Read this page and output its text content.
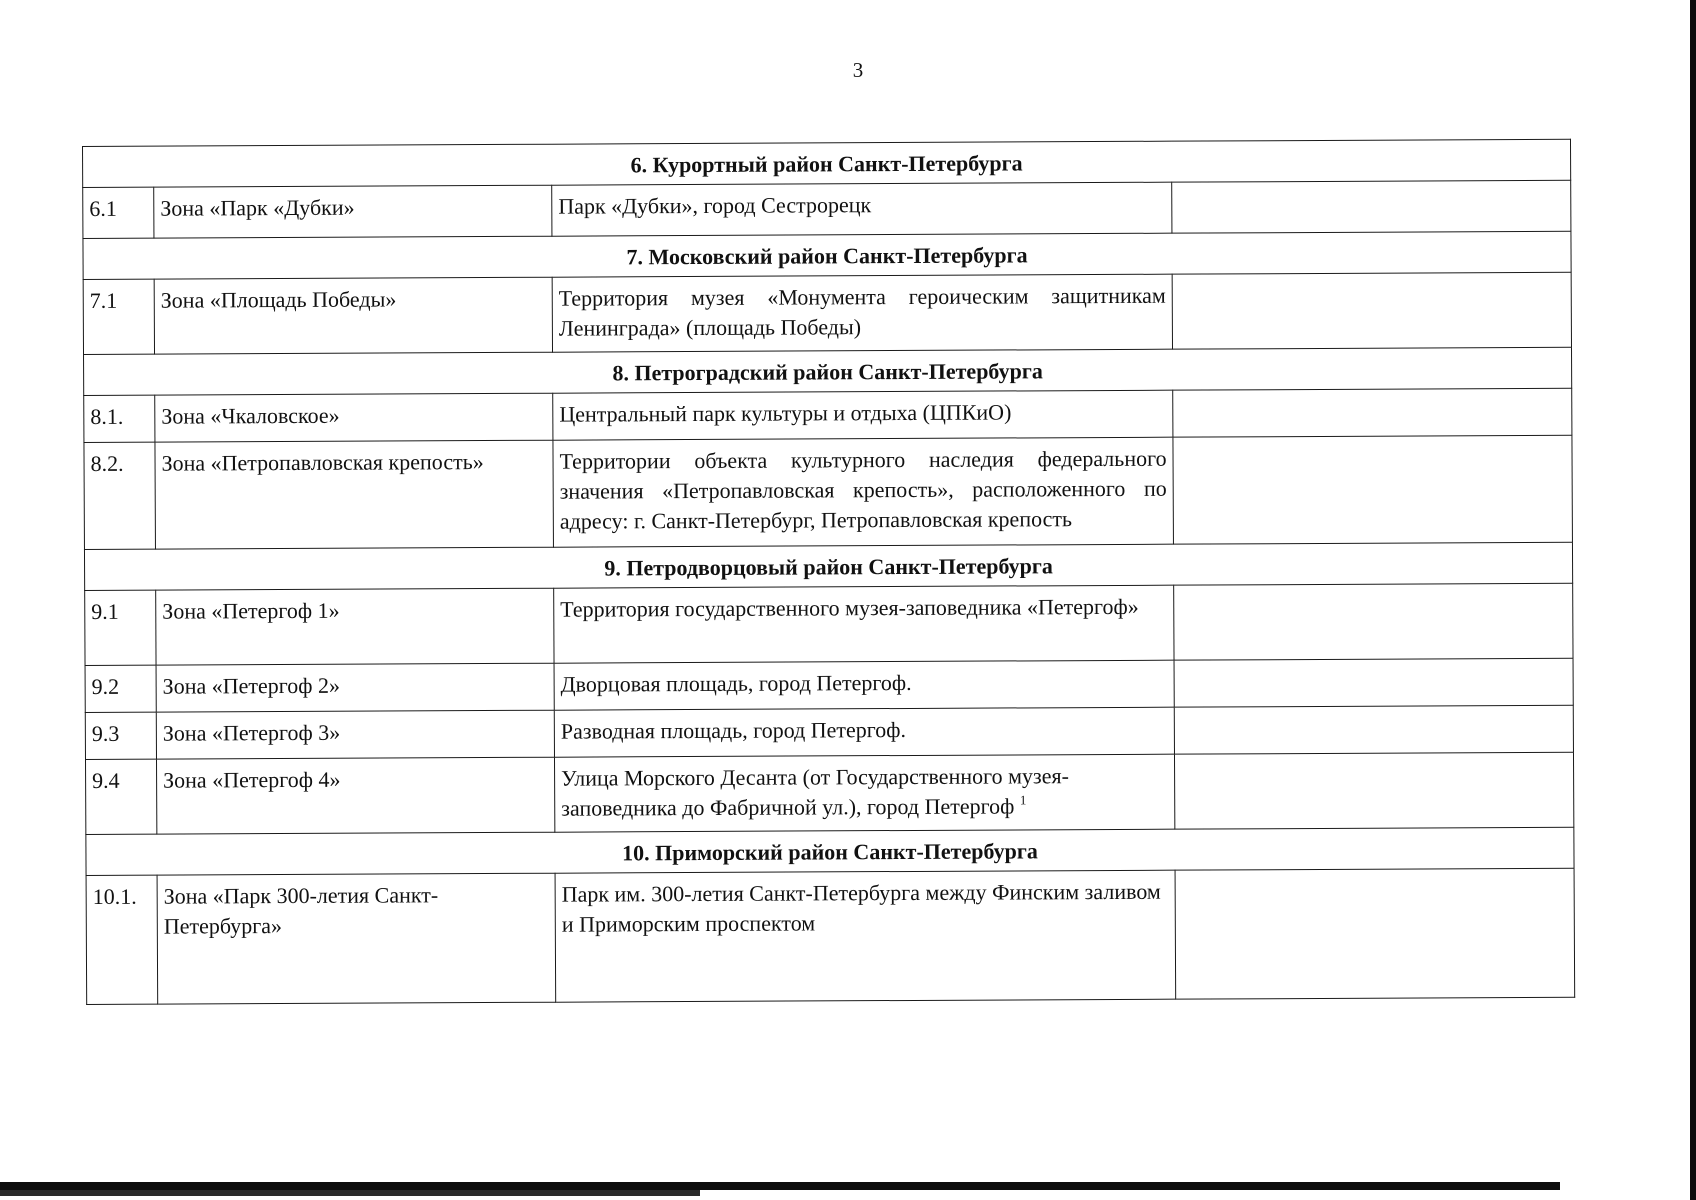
3
6. Курортный район Санкт-Петербурга			
6.1	Зона «Парк «Дубки»	Парк «Дубки», город Сестрорецк	
7. Московский район Санкт-Петербурга			
7.1	Зона «Площадь Победы»	Территория музея «Монумента героическим защитникам Ленинграда» (площадь Победы)	
8. Петроградский район Санкт-Петербурга			
8.1.	Зона «Чкаловское»	Центральный парк культуры и отдыха (ЦПКиО)	
8.2.	Зона «Петропавловская крепость»	Территории объекта культурного наследия федерального значения «Петропавловская крепость», расположенного по адресу: г. Санкт-Петербург, Петропавловская крепость	
9. Петродворцовый район Санкт-Петербурга			
9.1	Зона «Петергоф 1»	Территория государственного музея-заповедника «Петергоф»	
9.2	Зона «Петергоф 2»	Дворцовая площадь, город Петергоф.	
9.3	Зона «Петергоф 3»	Разводная площадь, город Петергоф.	
9.4	Зона «Петергоф 4»	Улица Морского Десанта (от Государственного музея-заповедника до Фабричной ул.), город Петергоф $^1$	
10. Приморский район Санкт-Петербурга			
10.1.	Зона «Парк 300-летия Санкт-Петербурга»	Парк им. 300-летия Санкт-Петербурга между Финским заливом и Приморским проспектом	
